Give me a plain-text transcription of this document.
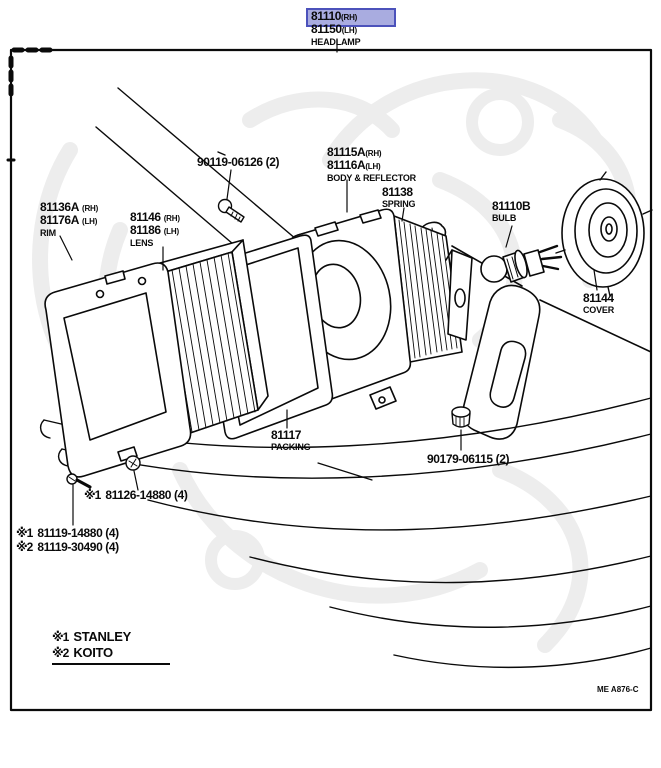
81110(RH)
81150(LH)
HEADLAMP
90119-06126 (2)
81115A(RH)
81116A(LH)
BODY & REFLECTOR
81138
SPRING	81110B
BULB
81136A (RH)
81176A (LH)
RIM
81146 (RH)
81186 (LH)
LENS
81144
COVER
81117
PACKING
90179-06115 (2)
※1 81126-14880 (4)
※1 81119-14880 (4)
※2 81119-30490 (4)
※1 STANLEY
※2 KOITO
ME A876-C
